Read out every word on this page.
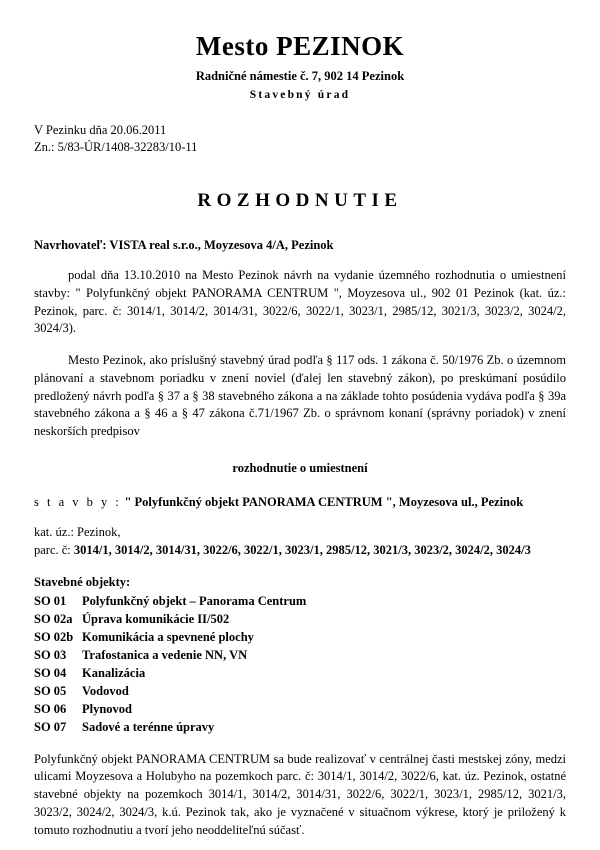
Mesto PEZINOK
Radničné námestie č. 7, 902 14 Pezinok
Stavebný úrad
V Pezinku dňa 20.06.2011
Zn.: 5/83-ÚR/1408-32283/10-11
ROZHODNUTIE
Navrhovateľ: VISTA real s.r.o., Moyzesova 4/A, Pezinok

podal dňa 13.10.2010 na Mesto Pezinok návrh na vydanie územného rozhodnutia o umiestnení stavby: " Polyfunkčný objekt PANORAMA CENTRUM ", Moyzesova ul., 902 01 Pezinok (kat. úz.: Pezinok, parc. č: 3014/1, 3014/2, 3014/31, 3022/6, 3022/1, 3023/1, 2985/12, 3021/3, 3023/2, 3024/2, 3024/3).

Mesto Pezinok, ako príslušný stavebný úrad podľa § 117 ods. 1 zákona č. 50/1976 Zb. o územnom plánovaní a stavebnom poriadku v znení noviel (ďalej len stavebný zákon), po preskúmaní posúdilo predložený návrh podľa § 37 a § 38 stavebného zákona a na základe tohto posúdenia vydáva podľa § 39a stavebného zákona a § 46 a § 47 zákona č.71/1967 Zb. o správnom konaní (správny poriadok) v znení neskorších predpisov

rozhodnutie o umiestnení
s t a v b y : " Polyfunkčný objekt PANORAMA CENTRUM ", Moyzesova ul., Pezinok
kat. úz.: Pezinok,
parc. č: 3014/1, 3014/2, 3014/31, 3022/6, 3022/1, 3023/1, 2985/12, 3021/3, 3023/2, 3024/2, 3024/3
Stavebné objekty:
SO 01 Polyfunkčný objekt – Panorama Centrum
SO 02a Úprava komunikácie II/502
SO 02b Komunikácia a spevnené plochy
SO 03 Trafostanica a vedenie NN, VN
SO 04 Kanalizácia
SO 05 Vodovod
SO 06 Plynovod
SO 07 Sadové a terénne úpravy

Polyfunkčný objekt PANORAMA CENTRUM sa bude realizovať v centrálnej časti mestskej zóny, medzi ulicami Moyzesova a Holubyho na pozemkoch parc. č: 3014/1, 3014/2, 3022/6, kat. úz. Pezinok, ostatné stavebné objekty na pozemkoch 3014/1, 3014/2, 3014/31, 3022/6, 3022/1, 3023/1, 2985/12, 3021/3, 3023/2, 3024/2, 3024/3, k.ú. Pezinok tak, ako je vyznačené v situačnom výkrese, ktorý je priložený k tomuto rozhodnutiu a tvorí jeho neoddeliteľnú súčasť.
